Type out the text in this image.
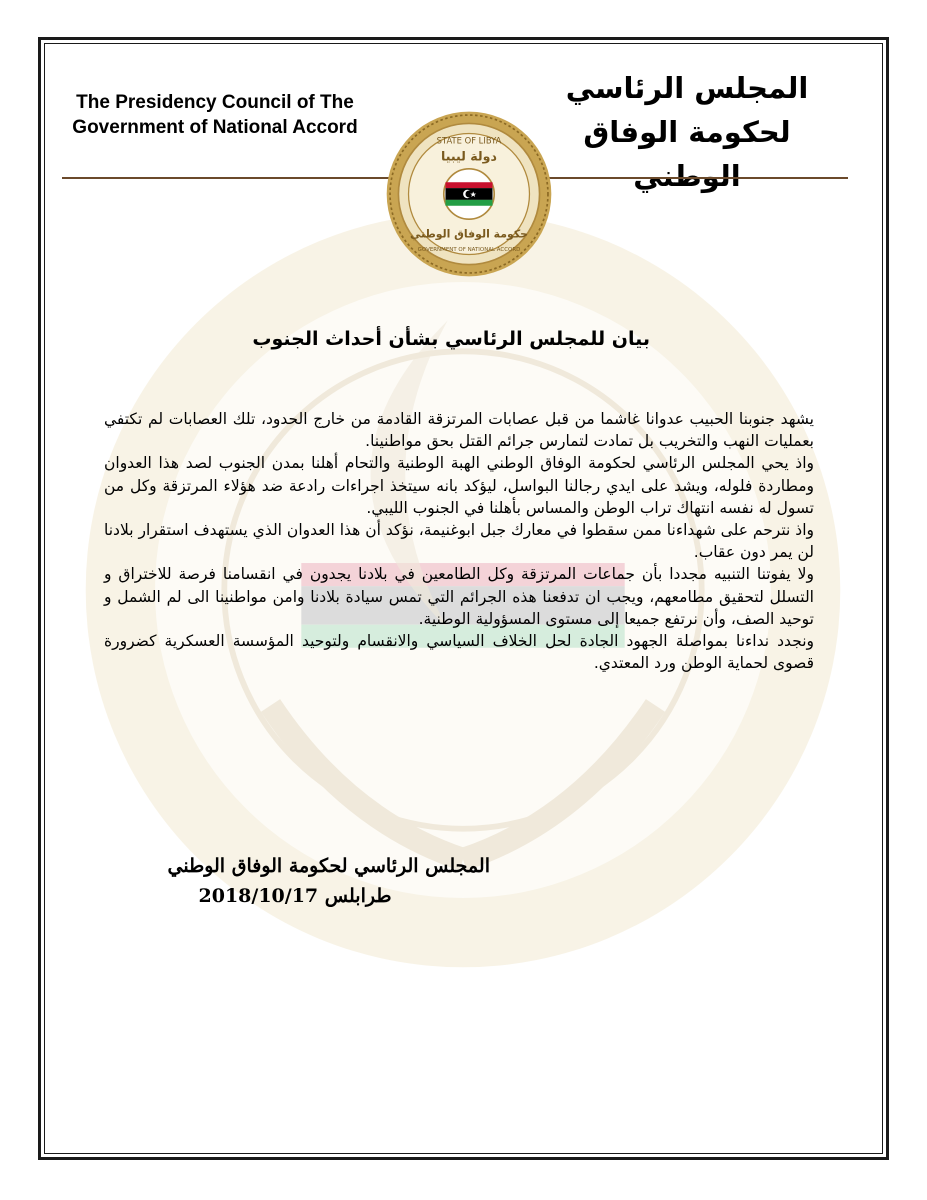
The Presidency Council of The
Government of National Accord
المجلس الرئاسي
لحكومة الوفاق الوطني
STATE OF LIBYA
دولة ليبيا
حكومة الوفاق الوطني
GOVERNMENT OF NATIONAL ACCORD
بيان للمجلس الرئاسي بشأن أحداث الجنوب

يشهد جنوبنا الحبيب عدوانا غاشما من قبل عصابات المرتزقة القادمة من خارج الحدود، تلك العصابات لم تكتفي بعمليات النهب والتخريب بل تمادت لتمارس جرائم القتل بحق مواطنينا.

واذ يحي المجلس الرئاسي لحكومة الوفاق الوطني الهبة الوطنية والتحام أهلنا بمدن الجنوب لصد هذا العدوان ومطاردة فلوله، ويشد على ايدي رجالنا البواسل، ليؤكد بانه سيتخذ اجراءات رادعة ضد هؤلاء المرتزقة وكل من تسول له نفسه انتهاك تراب الوطن والمساس بأهلنا في الجنوب الليبي.

واذ نترحم على شهداءنا ممن سقطوا في معارك جبل ابوغنيمة، نؤكد أن هذا العدوان الذي يستهدف استقرار بلادنا لن يمر دون عقاب.

ولا يفوتنا التنبيه مجددا بأن جماعات المرتزقة وكل الطامعين في بلادنا يجدون في انقسامنا فرصة للاختراق و التسلل لتحقيق مطامعهم، ويجب ان تدفعنا هذه الجرائم التي تمس سيادة بلادنا وامن مواطنينا الى لم الشمل و توحيد الصف، وأن نرتفع جميعا إلى مستوى المسؤولية الوطنية.

ونجدد نداءنا بمواصلة الجهود الجادة لحل الخلاف السياسي والانقسام ولتوحيد المؤسسة العسكرية كضرورة قصوى لحماية الوطن ورد المعتدي.

المجلس الرئاسي لحكومة الوفاق الوطني
طرابلس 2018/10/17
